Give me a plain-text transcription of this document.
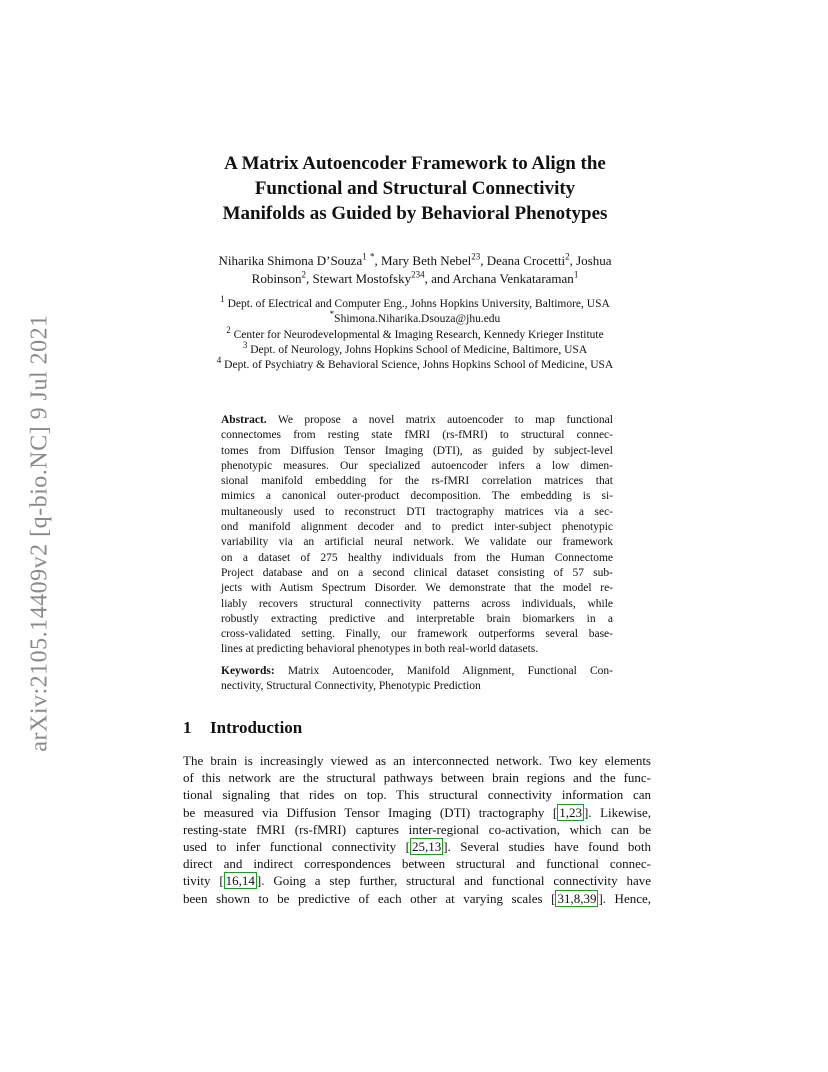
arXiv:2105.14409v2 [q-bio.NC] 9 Jul 2021
A Matrix Autoencoder Framework to Align the
Functional and Structural Connectivity
Manifolds as Guided by Behavioral Phenotypes
Niharika Shimona D’Souza$^1$ *, Mary Beth Nebel$^{23}$, Deana Crocetti$^2$, Joshua
Robinson$^2$, Stewart Mostofsky$^{234}$, and Archana Venkataraman$^1$
$^1$ Dept. of Electrical and Computer Eng., Johns Hopkins University, Baltimore, USA
*Shimona.Niharika.Dsouza@jhu.edu
$^2$ Center for Neurodevelopmental & Imaging Research, Kennedy Krieger Institute
$^3$ Dept. of Neurology, Johns Hopkins School of Medicine, Baltimore, USA
$^4$ Dept. of Psychiatry & Behavioral Science, Johns Hopkins School of Medicine, USA
Abstract. We propose a novel matrix autoencoder to map functional
connectomes from resting state fMRI (rs-fMRI) to structural connec-
tomes from Diffusion Tensor Imaging (DTI), as guided by subject-level
phenotypic measures. Our specialized autoencoder infers a low dimen-
sional manifold embedding for the rs-fMRI correlation matrices that
mimics a canonical outer-product decomposition. The embedding is si-
multaneously used to reconstruct DTI tractography matrices via a sec-
ond manifold alignment decoder and to predict inter-subject phenotypic
variability via an artificial neural network. We validate our framework
on a dataset of 275 healthy individuals from the Human Connectome
Project database and on a second clinical dataset consisting of 57 sub-
jects with Autism Spectrum Disorder. We demonstrate that the model re-
liably recovers structural connectivity patterns across individuals, while
robustly extracting predictive and interpretable brain biomarkers in a
cross-validated setting. Finally, our framework outperforms several base-
lines at predicting behavioral phenotypes in both real-world datasets.
Keywords: Matrix Autoencoder, Manifold Alignment, Functional Con-
nectivity, Structural Connectivity, Phenotypic Prediction
1 Introduction
The brain is increasingly viewed as an interconnected network. Two key elements
of this network are the structural pathways between brain regions and the func-
tional signaling that rides on top. This structural connectivity information can
be measured via Diffusion Tensor Imaging (DTI) tractography [ 1,23 ]. Likewise,
resting-state fMRI (rs-fMRI) captures inter-regional co-activation, which can be
used to infer functional connectivity [ 25,13 ]. Several studies have found both
direct and indirect correspondences between structural and functional connec-
tivity [ 16,14 ]. Going a step further, structural and functional connectivity have
been shown to be predictive of each other at varying scales [ 31,8,39 ]. Hence,
